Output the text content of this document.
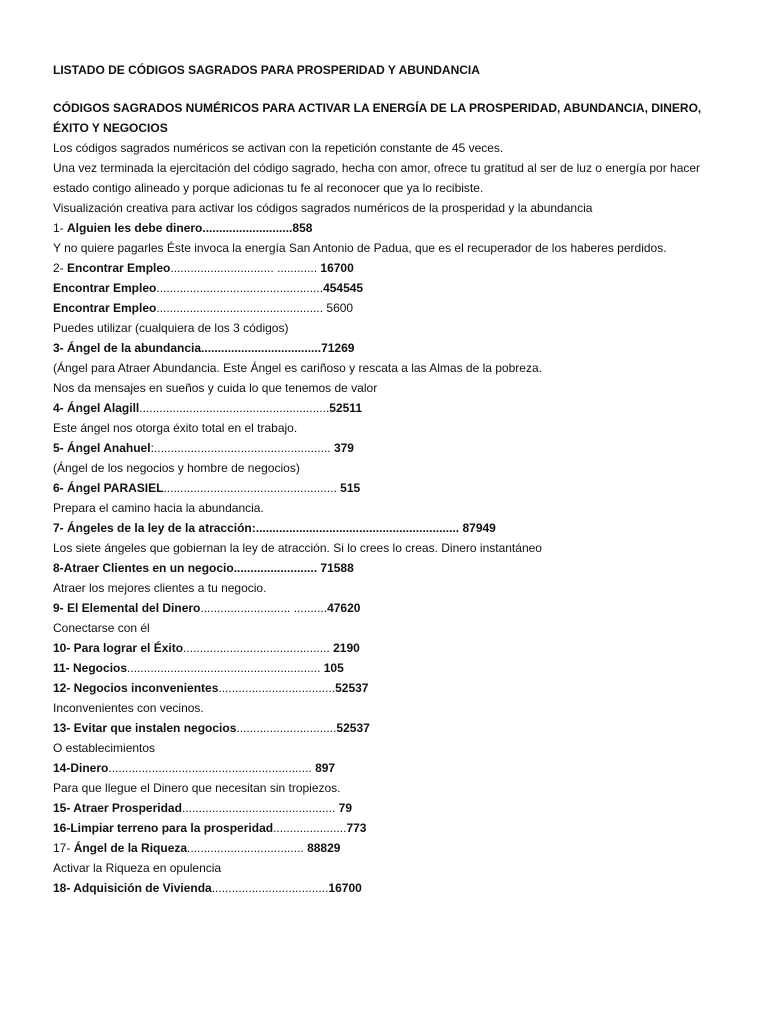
LISTADO DE CÓDIGOS SAGRADOS PARA PROSPERIDAD Y ABUNDANCIA
CÓDIGOS SAGRADOS NUMÉRICOS PARA ACTIVAR LA ENERGÍA DE LA PROSPERIDAD, ABUNDANCIA, DINERO, ÉXITO Y NEGOCIOS
Los códigos sagrados numéricos se activan con la repetición constante de 45 veces.
Una vez terminada la ejercitación del código sagrado, hecha con amor, ofrece tu gratitud al ser de luz o energía por hacer estado contigo alineado y porque adicionas tu fe al reconocer que ya lo recibiste.
Visualización creativa para activar los códigos sagrados numéricos de la prosperidad y la abundancia
1- Alguien les debe dinero...........................858
Y no quiere pagarles Éste invoca la energía San Antonio de Padua, que es el recuperador de los haberes perdidos.
2- Encontrar Empleo............................... ............ 16700
Encontrar Empleo..................................................454545
Encontrar Empleo.................................................. 5600
Puedes utilizar (cualquiera de los 3 códigos)
3- Ángel de la abundancia....................................71269
(Ángel para Atraer Abundancia. Este Ángel es cariñoso y rescata a las Almas de la pobreza.
Nos da mensajes en sueños y cuida lo que tenemos de valor
4- Ángel Alagill.........................................................52511
Este ángel nos otorga éxito total en el trabajo.
5- Ángel Anahuel:..................................................... 379
(Ángel de los negocios y hombre de negocios)
6- Ángel PARASIEL.................................................... 515
Prepara el camino hacia la abundancia.
7- Ángeles de la ley de la atracción:............................................................. 87949
Los siete ángeles que gobiernan la ley de atracción. Si lo crees lo creas. Dinero instantáneo
8-Atraer Clientes en un negocio......................... 71588
Atraer los mejores clientes a tu negocio.
9- El Elemental del Dinero........................... ..........47620
Conectarse con él
10- Para lograr el Éxito............................................ 2190
11- Negocios.......................................................... 105
12- Negocios inconvenientes...................................52537
Inconvenientes con vecinos.
13- Evitar que instalen negocios..............................52537
O establecimientos
14-Dinero............................................................. 897
Para que llegue el Dinero que necesitan sin tropiezos.
15- Atraer Prosperidad.............................................. 79
16-Limpiar terreno para la prosperidad......................773
17- Ángel de la Riqueza................................... 88829
Activar la Riqueza en opulencia
18- Adquisición de Vivienda...................................16700
